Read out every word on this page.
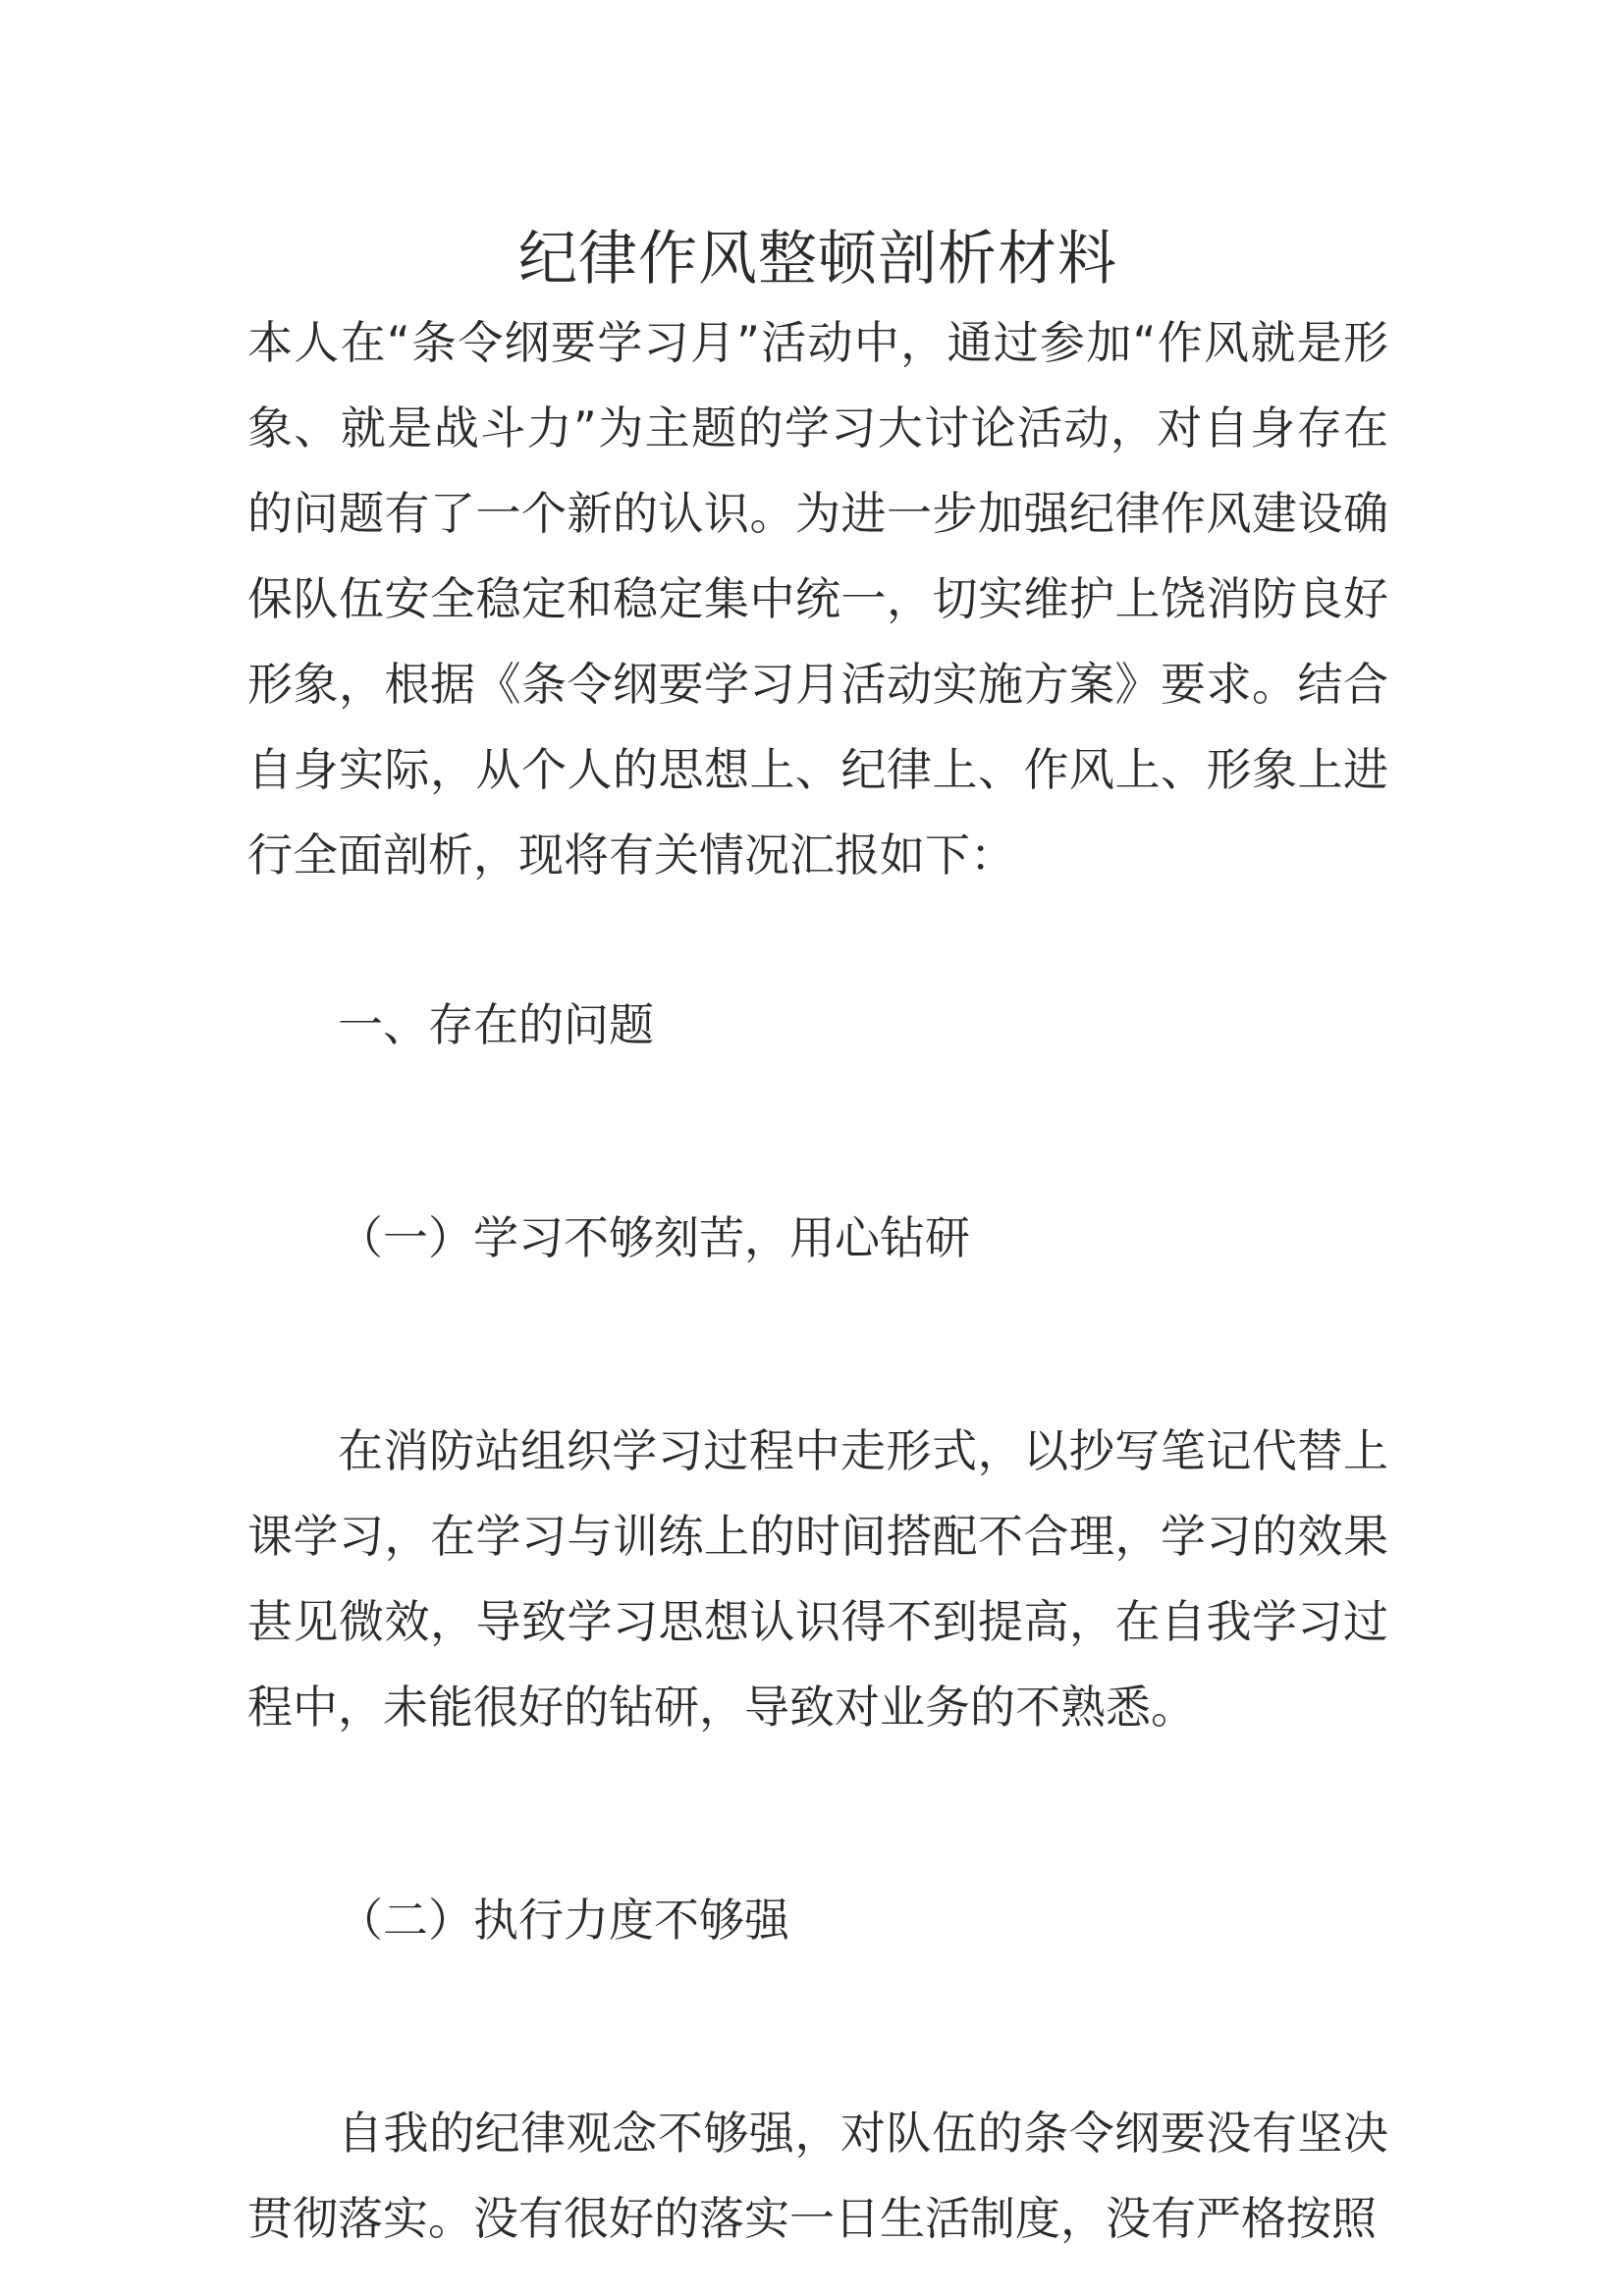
纪律作风整顿剖析材料

本人在“条令纲要学习月”活动中，通过参加“作风就是形象、就是战斗力”为主题的学习大讨论活动，对自身存在的问题有了一个新的认识。为进一步加强纪律作风建设确保队伍安全稳定和稳定集中统一，切实维护上饶消防良好形象，根据《条令纲要学习月活动实施方案》要求。结合自身实际，从个人的思想上、纪律上、作风上、形象上进行全面剖析，现将有关情况汇报如下：

一、存在的问题

（一）学习不够刻苦，用心钻研

在消防站组织学习过程中走形式，以抄写笔记代替上课学习，在学习与训练上的时间搭配不合理，学习的效果甚见微效，导致学习思想认识得不到提高，在自我学习过程中，未能很好的钻研，导致对业务的不熟悉。

（二）执行力度不够强

自我的纪律观念不够强，对队伍的条令纲要没有坚决贯彻落实。没有很好的落实一日生活制度，没有严格按照
